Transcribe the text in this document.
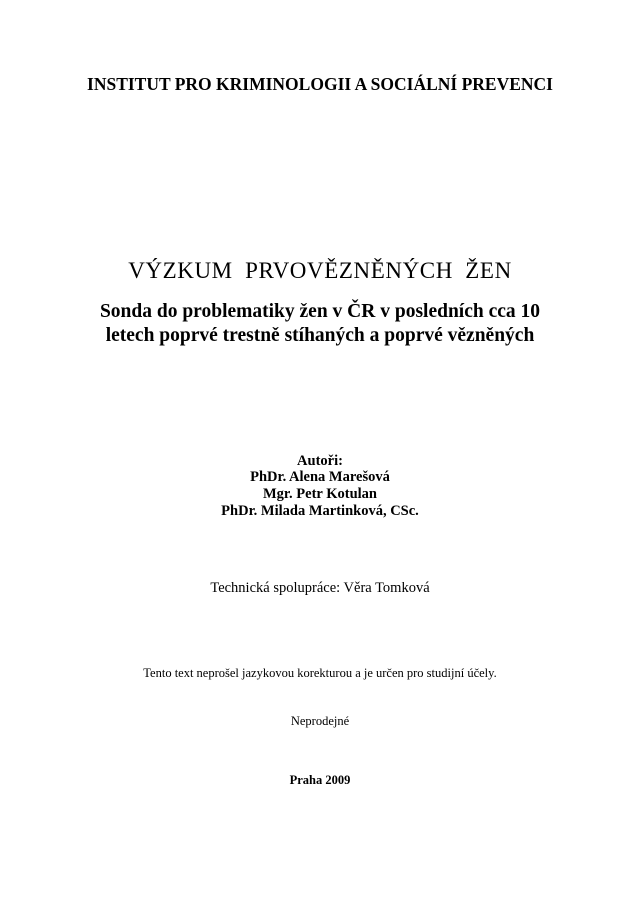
INSTITUT PRO KRIMINOLOGII A SOCIÁLNÍ PREVENCI
VÝZKUM PRVOVĚZNĚNÝCH ŽEN
Sonda do problematiky žen v ČR v posledních cca 10
letech poprvé trestně stíhaných a poprvé vězněných
Autoři:
PhDr. Alena Marešová
Mgr. Petr Kotulan
PhDr. Milada Martinková, CSc.
Technická spolupráce: Věra Tomková
Tento text neprošel jazykovou korekturou a je určen pro studijní účely.
Neprodejné
Praha 2009
